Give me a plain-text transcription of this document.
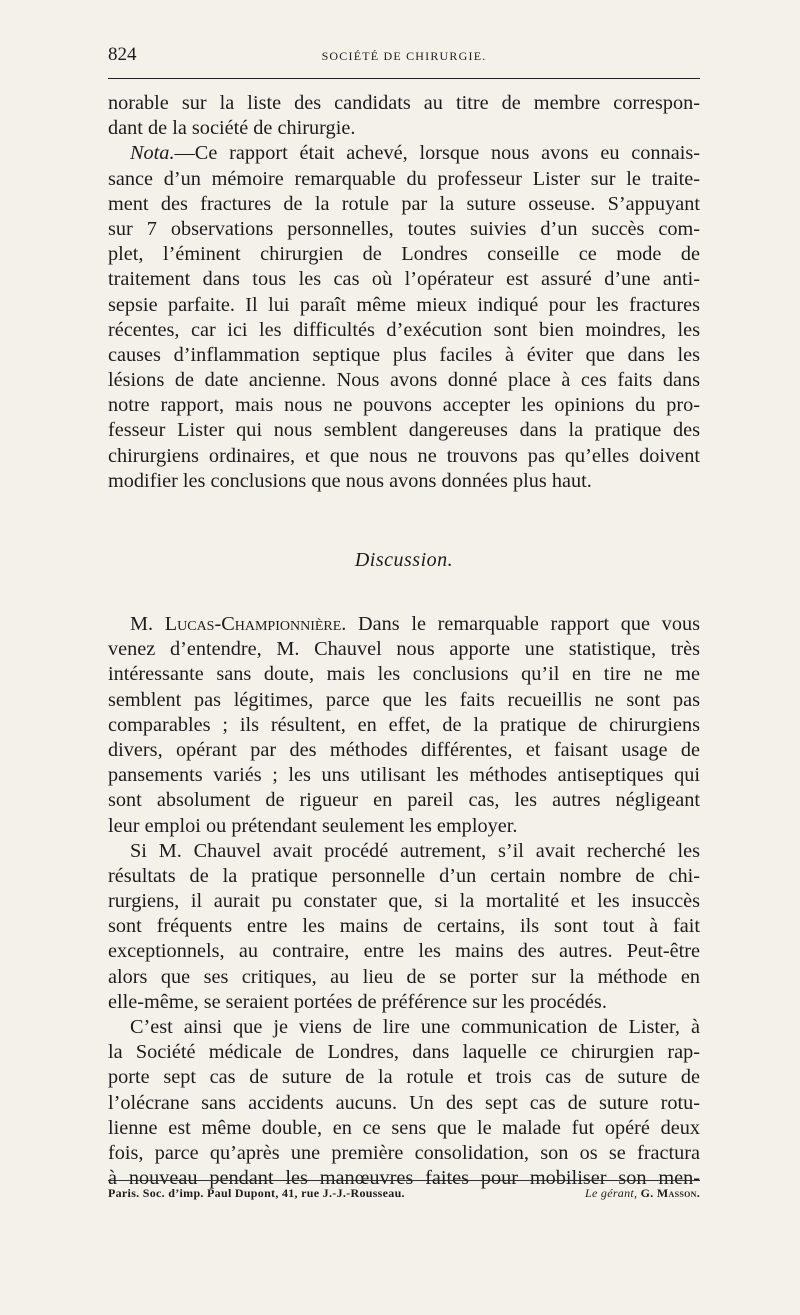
824	SOCIÉTÉ DE CHIRURGIE.
norable sur la liste des candidats au titre de membre correspon-
dant de la société de chirurgie.
Nota.—Ce rapport était achevé, lorsque nous avons eu connais-
sance d’un mémoire remarquable du professeur Lister sur le traite-
ment des fractures de la rotule par la suture osseuse. S’appuyant
sur 7 observations personnelles, toutes suivies d’un succès com-
plet, l’éminent chirurgien de Londres conseille ce mode de
traitement dans tous les cas où l’opérateur est assuré d’une anti-
sepsie parfaite. Il lui paraît même mieux indiqué pour les fractures
récentes, car ici les difficultés d’exécution sont bien moindres, les
causes d’inflammation septique plus faciles à éviter que dans les
lésions de date ancienne. Nous avons donné place à ces faits dans
notre rapport, mais nous ne pouvons accepter les opinions du pro-
fesseur Lister qui nous semblent dangereuses dans la pratique des
chirurgiens ordinaires, et que nous ne trouvons pas qu’elles doivent
modifier les conclusions que nous avons données plus haut.
Discussion.
M. Lucas-Championnière. Dans le remarquable rapport que vous
venez d’entendre, M. Chauvel nous apporte une statistique, très
intéressante sans doute, mais les conclusions qu’il en tire ne me
semblent pas légitimes, parce que les faits recueillis ne sont pas
comparables ; ils résultent, en effet, de la pratique de chirurgiens
divers, opérant par des méthodes différentes, et faisant usage de
pansements variés ; les uns utilisant les méthodes antiseptiques qui
sont absolument de rigueur en pareil cas, les autres négligeant
leur emploi ou prétendant seulement les employer.
Si M. Chauvel avait procédé autrement, s’il avait recherché les
résultats de la pratique personnelle d’un certain nombre de chi-
rurgiens, il aurait pu constater que, si la mortalité et les insuccès
sont fréquents entre les mains de certains, ils sont tout à fait
exceptionnels, au contraire, entre les mains des autres. Peut-être
alors que ses critiques, au lieu de se porter sur la méthode en
elle-même, se seraient portées de préférence sur les procédés.
C’est ainsi que je viens de lire une communication de Lister, à
la Société médicale de Londres, dans laquelle ce chirurgien rap-
porte sept cas de suture de la rotule et trois cas de suture de
l’olécrane sans accidents aucuns. Un des sept cas de suture rotu-
lienne est même double, en ce sens que le malade fut opéré deux
fois, parce qu’après une première consolidation, son os se fractura
à nouveau pendant les manœuvres faites pour mobiliser son men-
Paris. Soc. d’imp. Paul Dupont, 41, rue J.-J.-Rousseau.	Le gérant, G. Masson.
